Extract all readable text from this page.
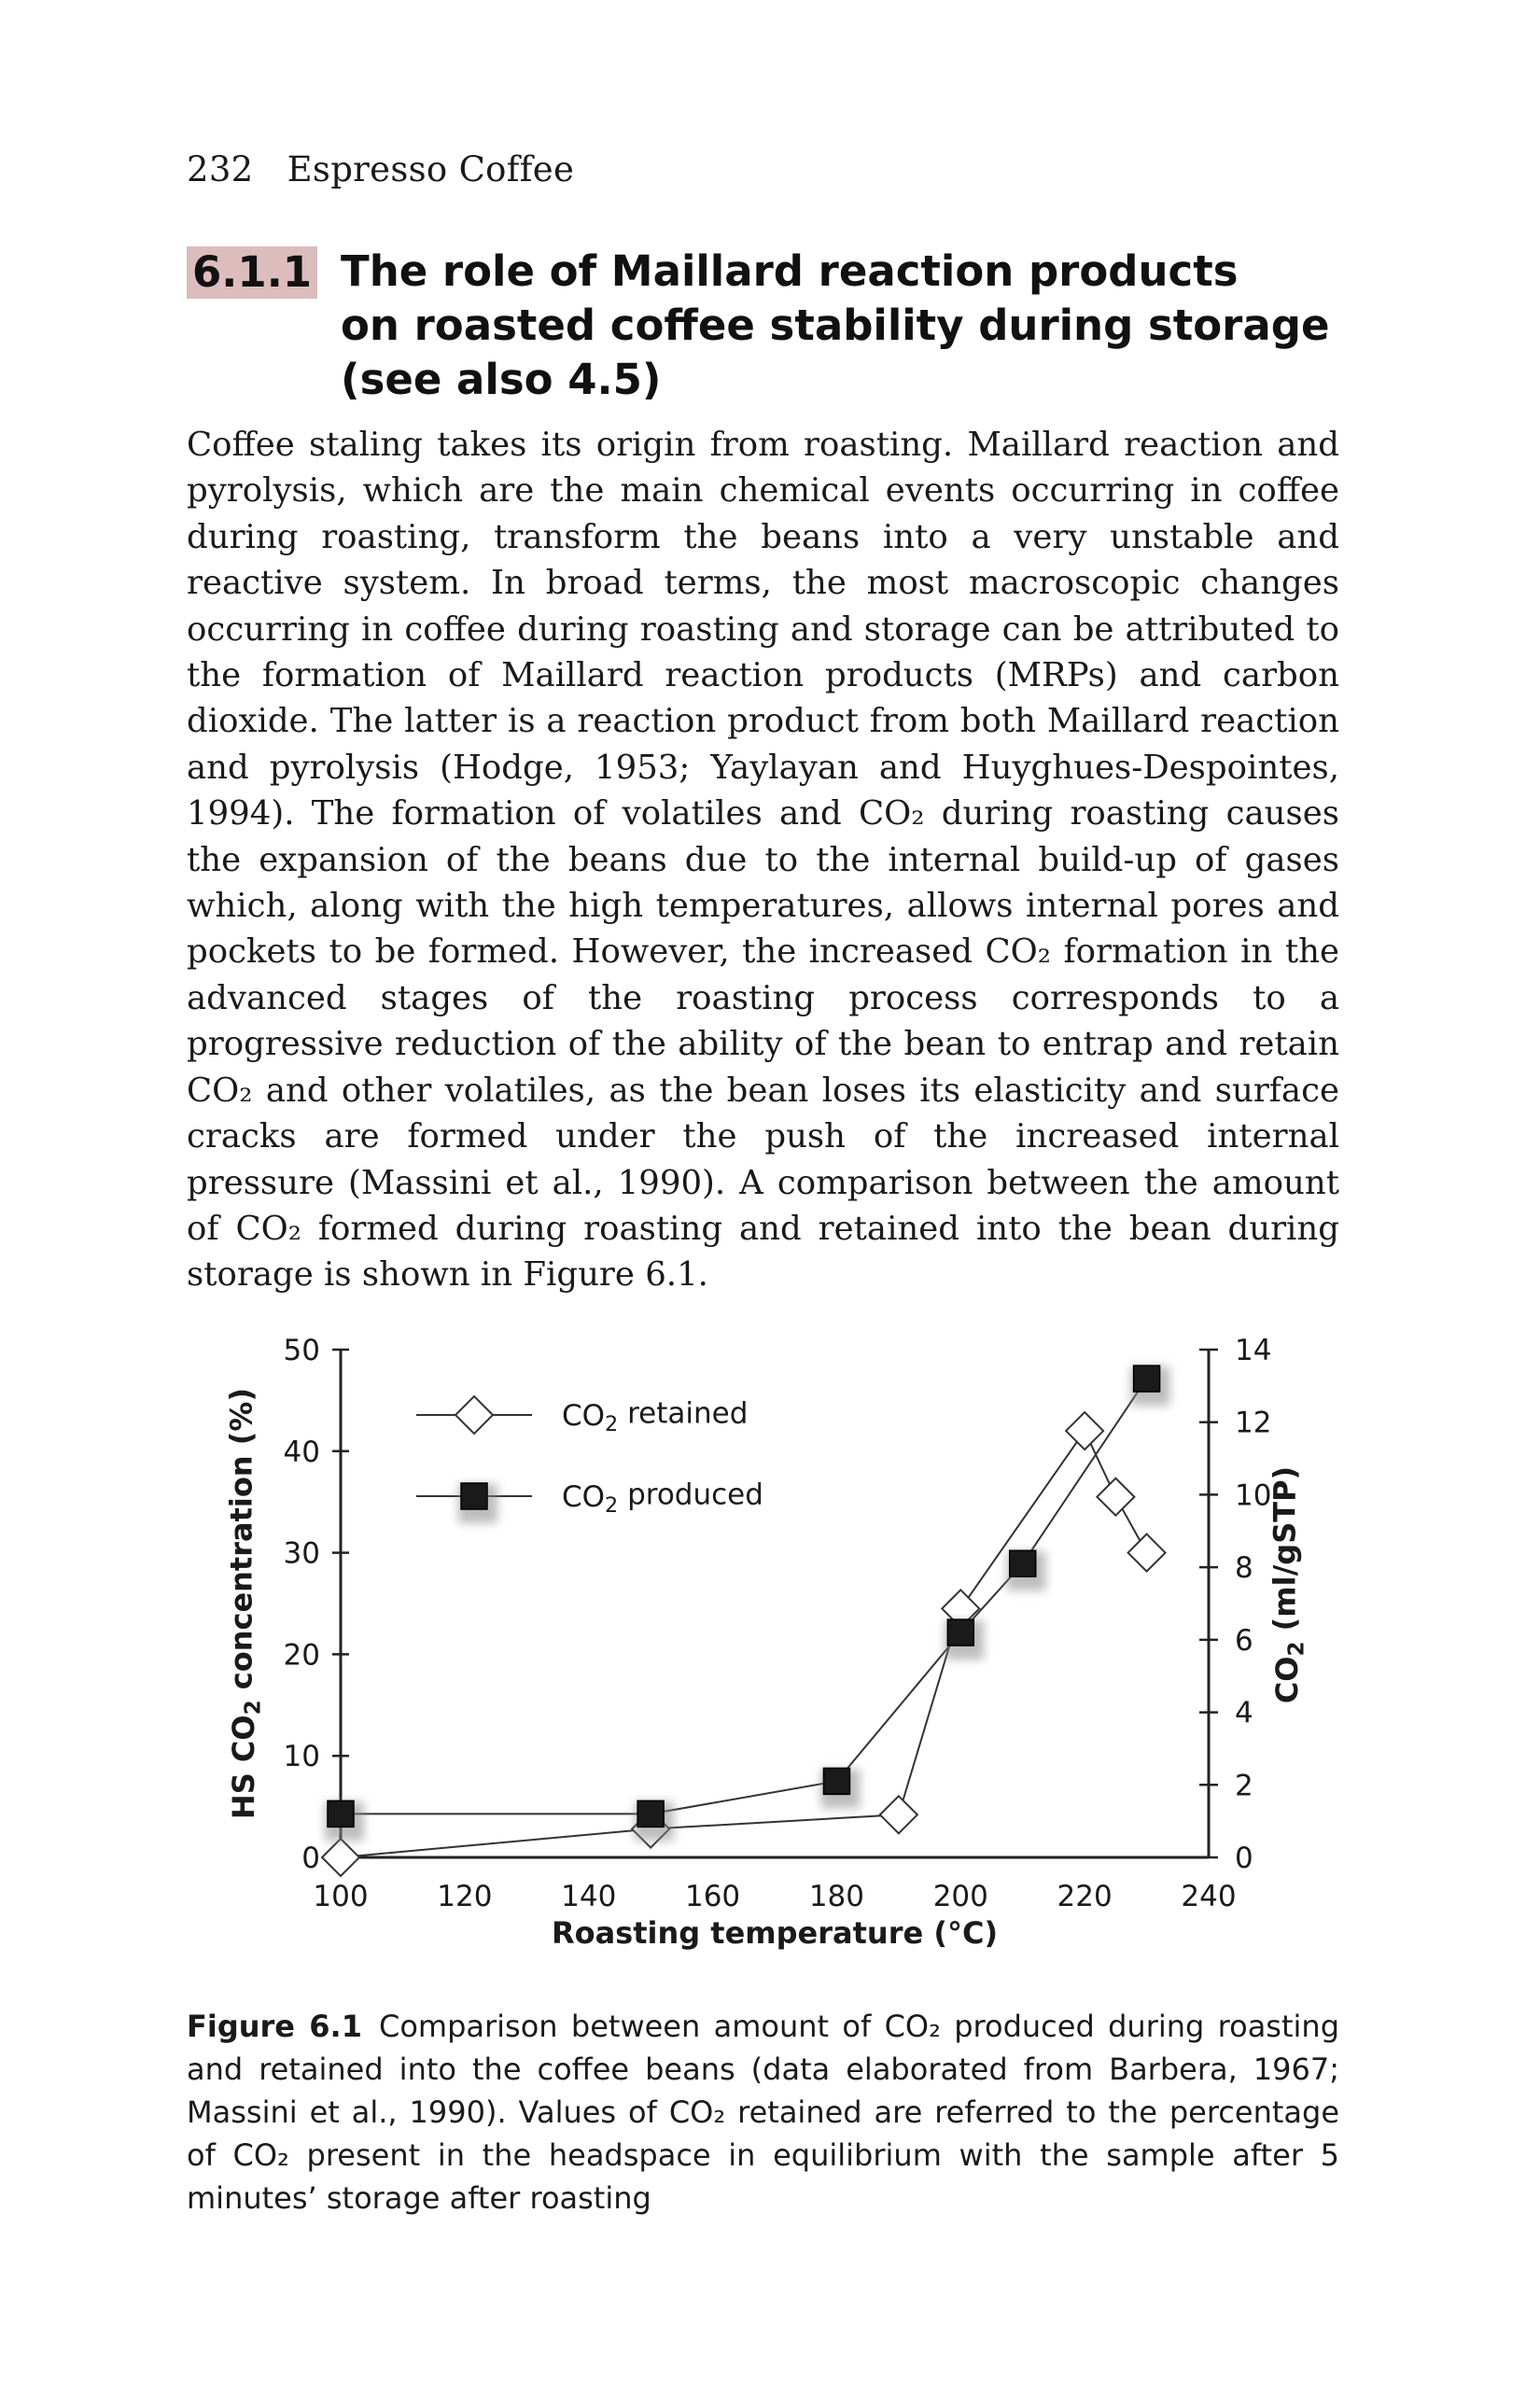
232 Espresso Coffee
6.1.1 The role of Maillard reaction products
on roasted coffee stability during storage
(see also 4.5)
Coffee staling takes its origin from roasting. Maillard reaction and pyrolysis, which are the main chemical events occurring in coffee during roasting, transform the beans into a very unstable and reactive system. In broad terms, the most macroscopic changes occurring in coffee during roasting and storage can be attributed to the formation of Maillard reaction products (MRPs) and carbon dioxide. The latter is a reaction product from both Maillard reaction and pyrolysis (Hodge, 1953; Yaylayan and Huyghues-Despointes, 1994). The formation of volatiles and CO₂ during roasting causes the expansion of the beans due to the internal build-up of gases which, along with the high temperatures, allows internal pores and pockets to be formed. However, the increased CO₂ formation in the advanced stages of the roasting process corresponds to a progressive reduction of the ability of the bean to entrap and retain CO₂ and other volatiles, as the bean loses its elasticity and surface cracks are formed under the push of the increased internal pressure (Massini et al., 1990). A comparison between the amount of CO₂ formed during roasting and retained into the bean during storage is shown in Figure 6.1.
0
10
20
30
40
50
0
2
4
6
8
10
12
14
100 120 140 160 180 200 220 240
$CO_2$ retained
$CO_2$ produced
Roasting temperature (°C)
HS $CO_2$ concentration (%)	$CO_2$ (ml/gSTP)
Figure 6.1 Comparison between amount of CO₂ produced during roasting and retained into the coffee beans (data elaborated from Barbera, 1967; Massini et al., 1990). Values of CO₂ retained are referred to the percentage of CO₂ present in the headspace in equilibrium with the sample after 5 minutes’ storage after roasting
